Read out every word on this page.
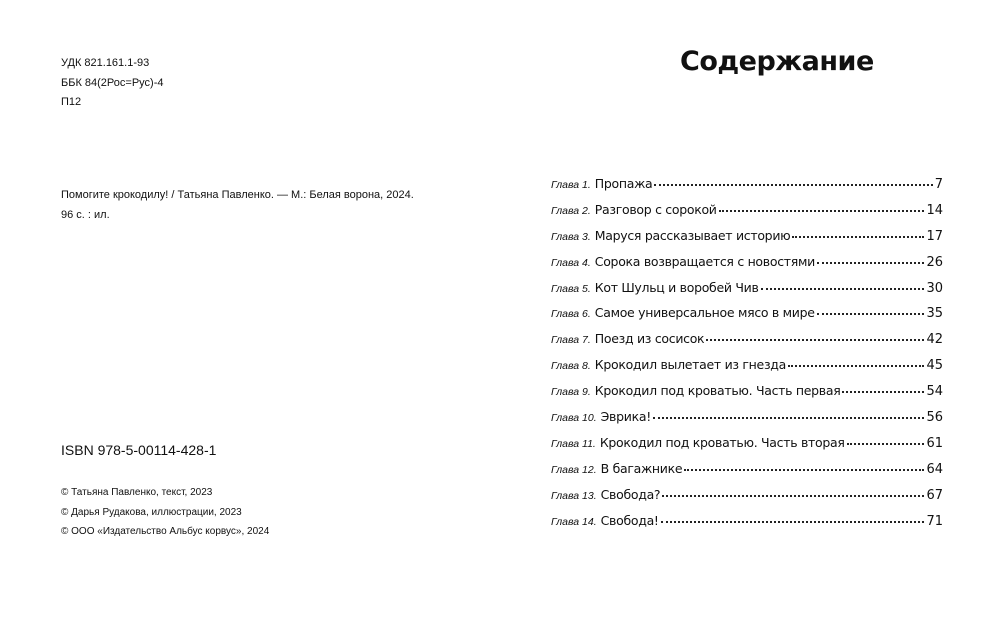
УДК 821.161.1-93
ББК 84(2Рос=Рус)-4
П12
Помогите крокодилу! / Татьяна Павленко. — М.: Белая ворона, 2024.
96 с. : ил.
ISBN 978-5-00114-428-1
© Татьяна Павленко, текст, 2023
© Дарья Рудакова, иллюстрации, 2023
© ООО «Издательство Альбус корвус», 2024
Содержание
Глава 1. Пропажа	7
Глава 2. Разговор с сорокой	14
Глава 3. Маруся рассказывает историю	17
Глава 4. Сорока возвращается с новостями	26
Глава 5. Кот Шульц и воробей Чив	30
Глава 6. Самое универсальное мясо в мире	35
Глава 7. Поезд из сосисок	42
Глава 8. Крокодил вылетает из гнезда	45
Глава 9. Крокодил под кроватью. Часть первая	54
Глава 10. Эврика!	56
Глава 11. Крокодил под кроватью. Часть вторая	61
Глава 12. В багажнике	64
Глава 13. Свобода?	67
Глава 14. Свобода!	71
